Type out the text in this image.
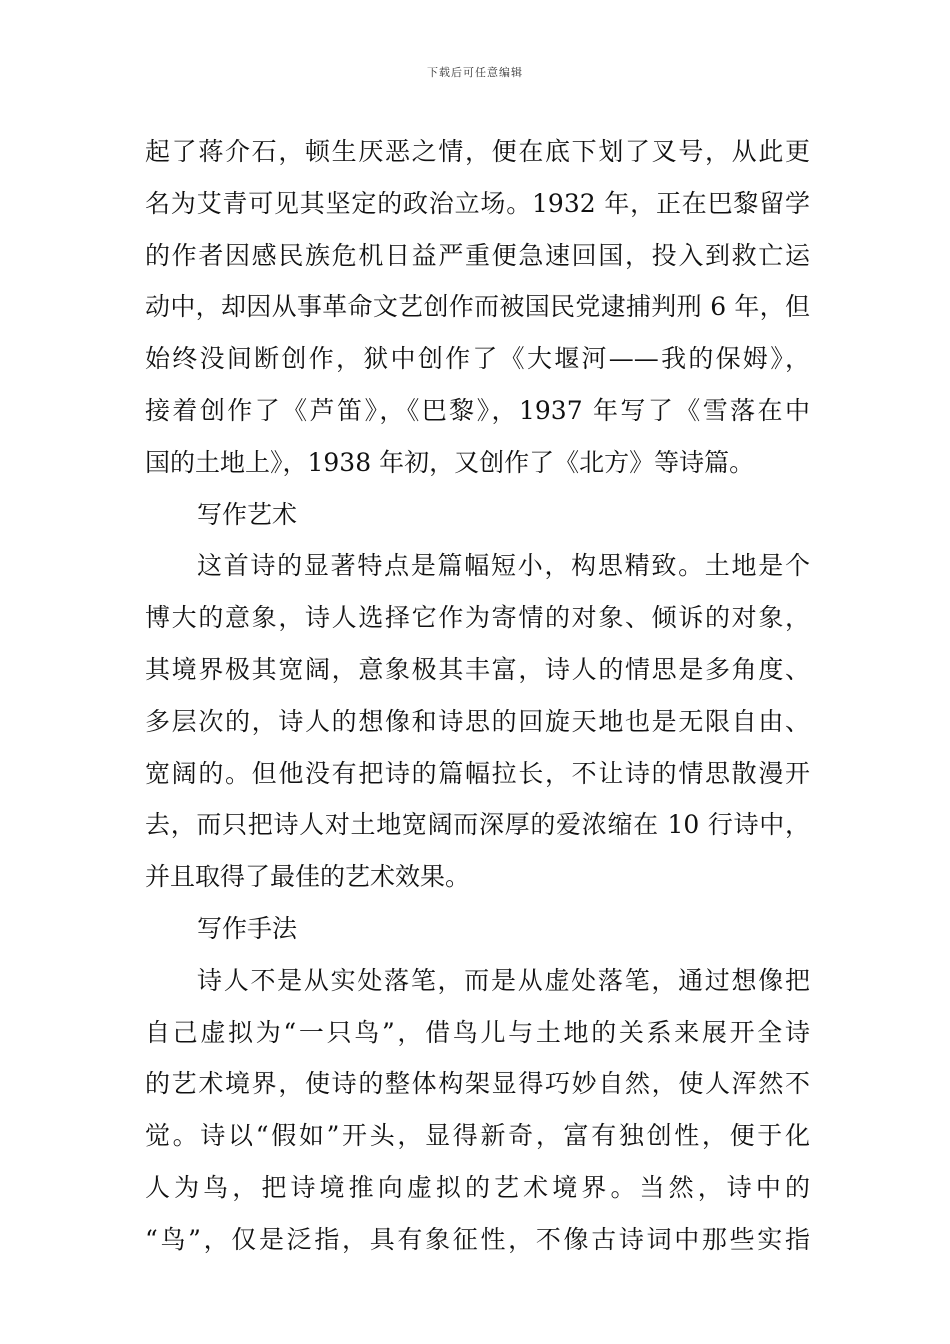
下载后可任意编辑
起了蒋介石，顿生厌恶之情，便在底下划了叉号，从此更
名为艾青可见其坚定的政治立场。1932 年，正在巴黎留学
的作者因感民族危机日益严重便急速回国，投入到救亡运
动中，却因从事革命文艺创作而被国民党逮捕判刑 6 年，但
始终没间断创作，狱中创作了《大堰河——我的保姆》，
接着创作了《芦笛》，《巴黎》，1937 年写了《雪落在中
国的土地上》，1938 年初，又创作了《北方》等诗篇。
写作艺术
这首诗的显著特点是篇幅短小，构思精致。土地是个
博大的意象，诗人选择它作为寄情的对象、倾诉的对象，
其境界极其宽阔，意象极其丰富，诗人的情思是多角度、
多层次的，诗人的想像和诗思的回旋天地也是无限自由、
宽阔的。但他没有把诗的篇幅拉长，不让诗的情思散漫开
去，而只把诗人对土地宽阔而深厚的爱浓缩在 10 行诗中，
并且取得了最佳的艺术效果。
写作手法
诗人不是从实处落笔，而是从虚处落笔，通过想像把
自己虚拟为“一只鸟”，借鸟儿与土地的关系来展开全诗
的艺术境界，使诗的整体构架显得巧妙自然，使人浑然不
觉。诗以“假如”开头，显得新奇，富有独创性，便于化
人为鸟，把诗境推向虚拟的艺术境界。当然，诗中的
“鸟”，仅是泛指，具有象征性，不像古诗词中那些实指
